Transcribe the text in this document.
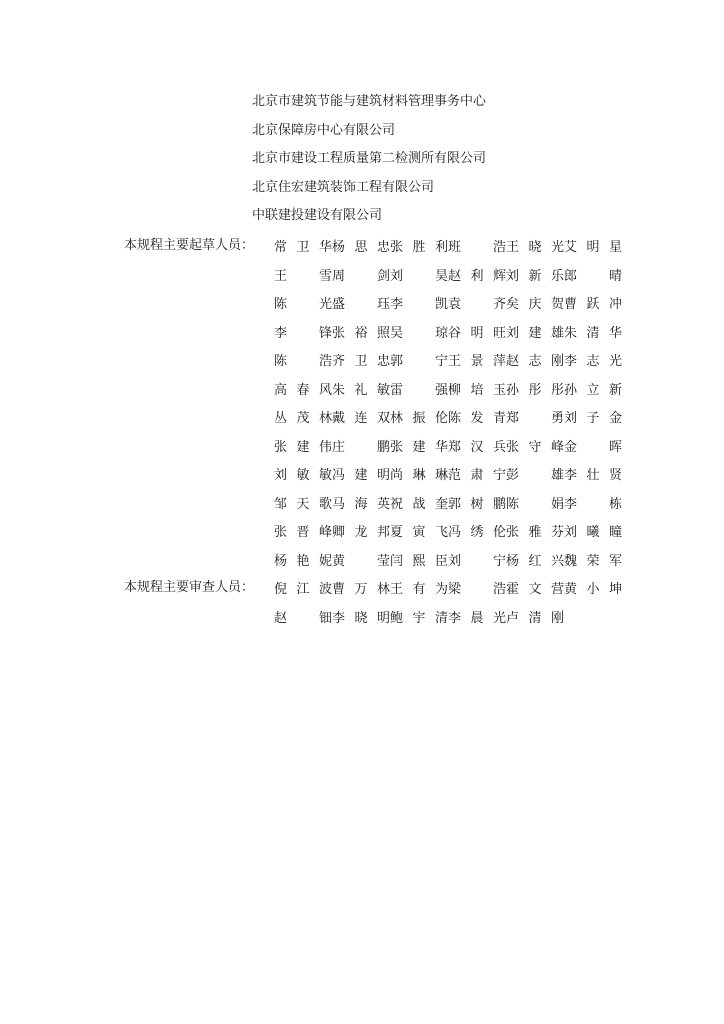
北京市建筑节能与建筑材料管理事务中心
北京保障房中心有限公司
北京市建设工程质量第二检测所有限公司
北京住宏建筑装饰工程有限公司
中联建投建设有限公司
本规程主要起草人员： 常卫华杨思忠张胜利班　浩王晓光艾明星
王　雪周　剑刘　昊赵利辉刘新乐郎　晴
陈　光盛　珏李　凯袁　齐矣庆贺曹跃冲
李　锋张裕照吴　琼谷明旺刘建雄朱清华
陈　浩齐卫忠郭　宁王景萍赵志刚李志光
高春风朱礼敏雷　强柳培玉孙彤彤孙立新
丛茂林戴连双林振伦陈发青郑　勇刘子金
张建伟庄　鹏张建华郑汉兵张守峰金　晖
刘敏敏冯建明尚琳琳范肃宁彭　雄李壮贤
邹天歌马海英祝战奎郭树鹏陈　娟李　栋
张晋峰卿龙邦夏寅飞冯绣伦张雅芬刘曦瞳
杨艳妮黄　莹闫熙臣刘　宁杨红兴魏荣军
本规程主要审查人员： 倪江波曹万林王有为梁　浩霍文营黄小坤
赵　钿李晓明鲍宇清李晨光卢清刚
